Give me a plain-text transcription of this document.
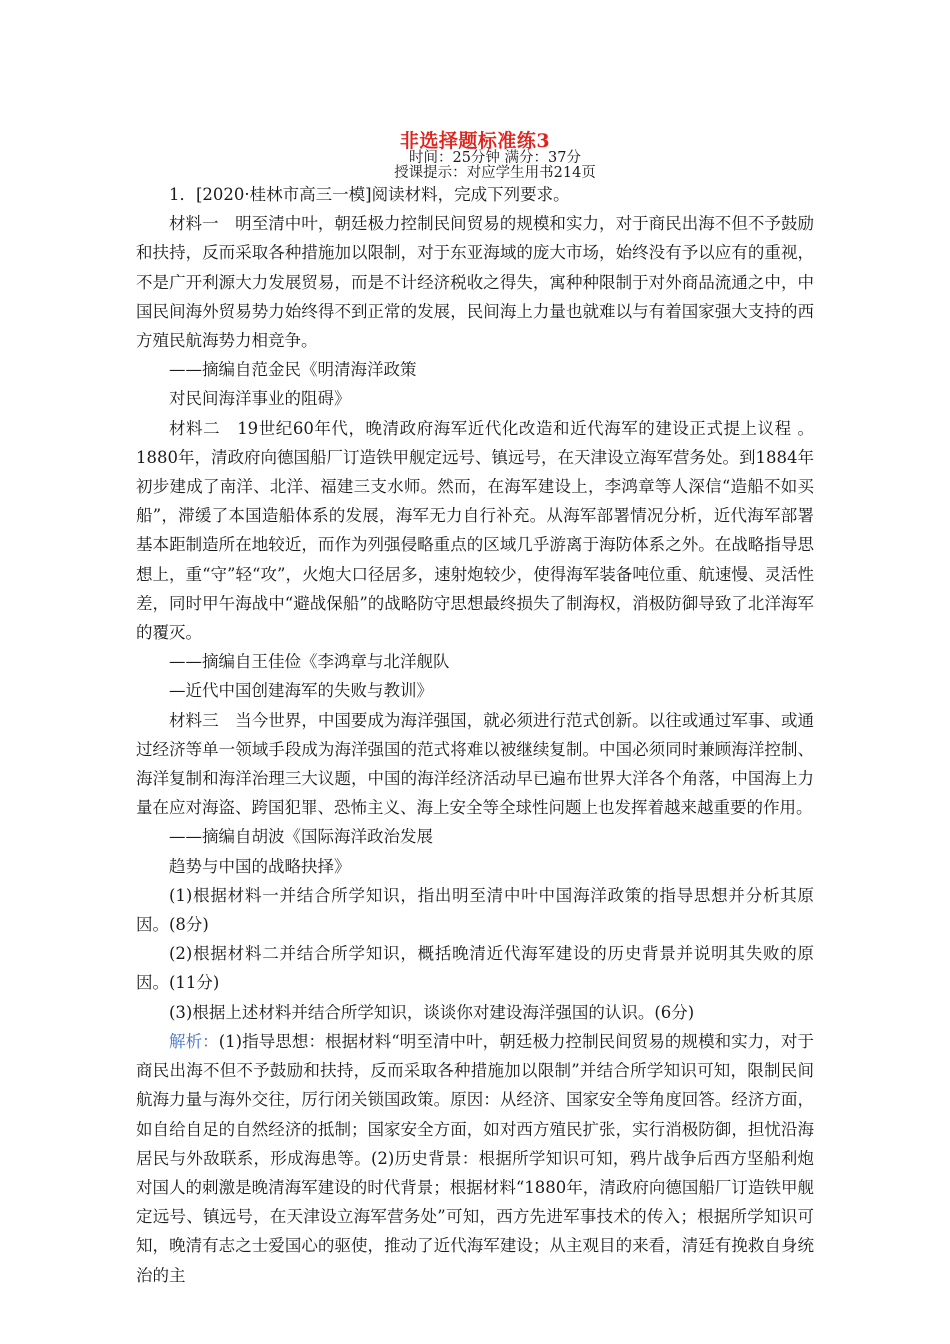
非选择题标准练3
时间：25分钟 满分：37分
授课提示：对应学生用书214页

1．[2020·桂林市高三一模]阅读材料，完成下列要求。

材料一　明至清中叶，朝廷极力控制民间贸易的规模和实力，对于商民出海不但不予鼓励和扶持，反而采取各种措施加以限制，对于东亚海域的庞大市场，始终没有予以应有的重视，不是广开利源大力发展贸易，而是不计经济税收之得失，寓种种限制于对外商品流通之中，中国民间海外贸易势力始终得不到正常的发展，民间海上力量也就难以与有着国家强大支持的西方殖民航海势力相竞争。

——摘编自范金民《明清海洋政策

对民间海洋事业的阻碍》

材料二　19世纪60年代，晚清政府海军近代化改造和近代海军的建设正式提上议程 。1880年，清政府向德国船厂订造铁甲舰定远号、镇远号，在天津设立海军营务处。到1884年初步建成了南洋、北洋、福建三支水师。然而，在海军建设上，李鸿章等人深信“造船不如买船”，滞缓了本国造船体系的发展，海军无力自行补充。从海军部署情况分析，近代海军部署基本距制造所在地较近，而作为列强侵略重点的区域几乎游离于海防体系之外。在战略指导思想上，重“守”轻“攻”，火炮大口径居多，速射炮较少，使得海军装备吨位重、航速慢、灵活性差，同时甲午海战中“避战保船”的战略防守思想最终损失了制海权，消极防御导致了北洋海军的覆灭。

——摘编自王佳俭《李鸿章与北洋舰队

—近代中国创建海军的失败与教训》

材料三　当今世界，中国要成为海洋强国，就必须进行范式创新。以往或通过军事、或通过经济等单一领域手段成为海洋强国的范式将难以被继续复制。中国必须同时兼顾海洋控制、海洋复制和海洋治理三大议题，中国的海洋经济活动早已遍布世界大洋各个角落，中国海上力量在应对海盗、跨国犯罪、恐怖主义、海上安全等全球性问题上也发挥着越来越重要的作用。

——摘编自胡波《国际海洋政治发展

趋势与中国的战略抉择》

(1)根据材料一并结合所学知识，指出明至清中叶中国海洋政策的指导思想并分析其原因。(8分)

(2)根据材料二并结合所学知识，概括晚清近代海军建设的历史背景并说明其失败的原因。(11分)

(3)根据上述材料并结合所学知识，谈谈你对建设海洋强国的认识。(6分)

解析：(1)指导思想：根据材料“明至清中叶，朝廷极力控制民间贸易的规模和实力，对于商民出海不但不予鼓励和扶持，反而采取各种措施加以限制”并结合所学知识可知，限制民间航海力量与海外交往，厉行闭关锁国政策。原因：从经济、国家安全等角度回答。经济方面，如自给自足的自然经济的抵制；国家安全方面，如对西方殖民扩张，实行消极防御，担忧沿海居民与外敌联系，形成海患等。(2)历史背景：根据所学知识可知，鸦片战争后西方坚船利炮对国人的刺激是晚清海军建设的时代背景；根据材料“1880年，清政府向德国船厂订造铁甲舰定远号、镇远号，在天津设立海军营务处”可知，西方先进军事技术的传入；根据所学知识可知，晚清有志之士爱国心的驱使，推动了近代海军建设；从主观目的来看，清廷有挽救自身统治的主
